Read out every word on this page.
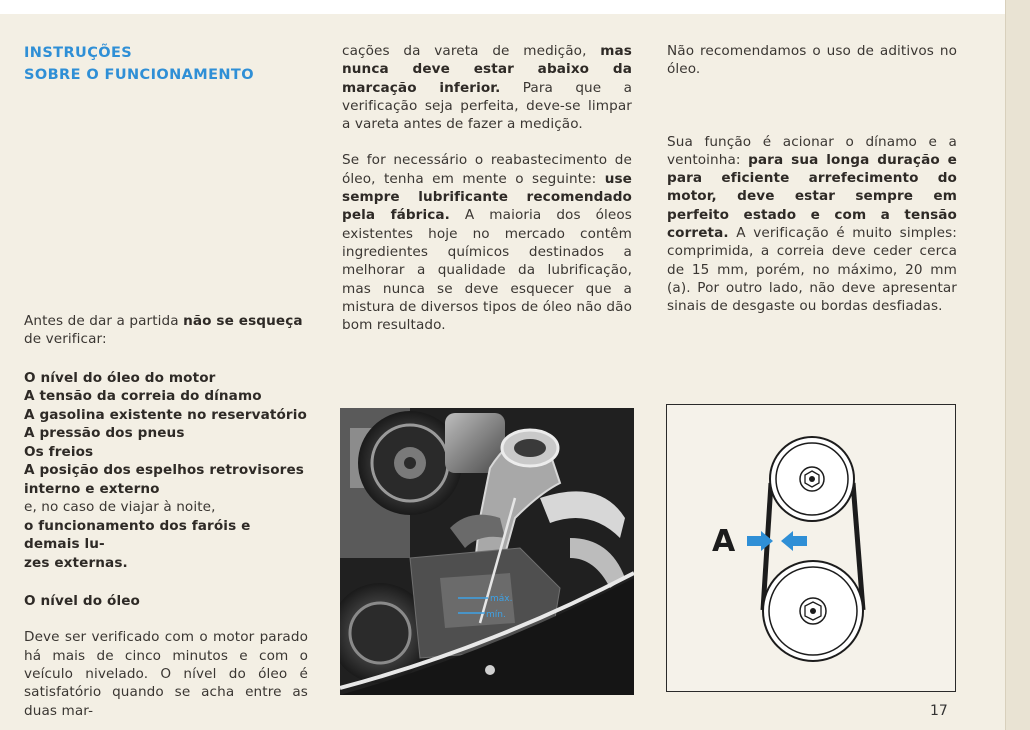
INSTRUÇÕES
SOBRE O FUNCIONAMENTO

Antes de dar a partida não se esqueça de verificar:

O nível do óleo do motor
A tensão da correia do dínamo
A gasolina existente no reservatório
A pressão dos pneus
Os freios
A posição dos espelhos retrovisores
interno e externo
e, no caso de viajar à noite,
o funcionamento dos faróis e demais lu-
zes externas.

O nível do óleo

Deve ser verificado com o motor parado há mais de cinco minutos e com o veículo nivelado. O nível do óleo é satisfatório quando se acha entre as duas mar-

cações da vareta de medição, mas nunca deve estar abaixo da marcação inferior. Para que a verificação seja perfeita, deve-se limpar a vareta antes de fazer a medição.

Se for necessário o reabastecimento de óleo, tenha em mente o seguinte: use sempre lubrificante recomendado pela fábrica. A maioria dos óleos existentes hoje no mercado contêm ingredientes químicos destinados a melhorar a qualidade da lubrificação, mas nunca se deve esquecer que a mistura de diversos tipos de óleo não dão bom resultado.

máx.
mín.

Não recomendamos o uso de aditivos no óleo.

Sua função é acionar o dínamo e a ventoinha: para sua longa duração e para eficiente arrefecimento do motor, deve estar sempre em perfeito estado e com a tensão correta. A verificação é muito simples: comprimida, a correia deve ceder cerca de 15 mm, porém, no máximo, 20 mm (a). Por outro lado, não deve apresentar sinais de desgaste ou bordas desfiadas.

A
17
